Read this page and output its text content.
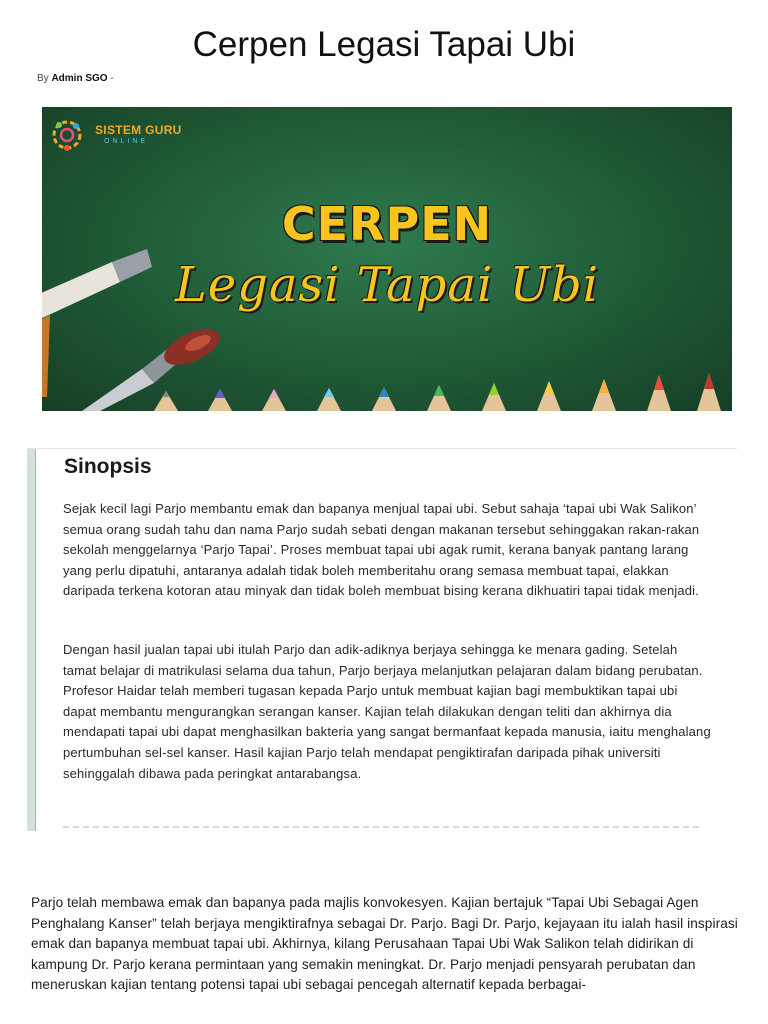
Cerpen Legasi Tapai Ubi
By Admin SGO -
SISTEM GURU
ONLINE
CERPEN
Legasi Tapai Ubi
Sinopsis

Sejak kecil lagi Parjo membantu emak dan bapanya menjual tapai ubi. Sebut sahaja ‘tapai ubi Wak Salikon’ semua orang sudah tahu dan nama Parjo sudah sebati dengan makanan tersebut sehinggakan rakan-rakan sekolah menggelarnya ‘Parjo Tapai’. Proses membuat tapai ubi agak rumit, kerana banyak pantang larang yang perlu dipatuhi, antaranya adalah tidak boleh memberitahu orang semasa membuat tapai, elakkan daripada terkena kotoran atau minyak dan tidak boleh membuat bising kerana dikhuatiri tapai tidak menjadi.

Dengan hasil jualan tapai ubi itulah Parjo dan adik-adiknya berjaya sehingga ke menara gading. Setelah tamat belajar di matrikulasi selama dua tahun, Parjo berjaya melanjutkan pelajaran dalam bidang perubatan. Profesor Haidar telah memberi tugasan kepada Parjo untuk membuat kajian bagi membuktikan tapai ubi dapat membantu mengurangkan serangan kanser. Kajian telah dilakukan dengan teliti dan akhirnya dia mendapati tapai ubi dapat menghasilkan bakteria yang sangat bermanfaat kepada manusia, iaitu menghalang pertumbuhan sel-sel kanser. Hasil kajian Parjo telah mendapat pengiktirafan daripada pihak universiti sehinggalah dibawa pada peringkat antarabangsa.

Parjo telah membawa emak dan bapanya pada majlis konvokesyen. Kajian bertajuk “Tapai Ubi Sebagai Agen Penghalang Kanser” telah berjaya mengiktirafnya sebagai Dr. Parjo. Bagi Dr. Parjo, kejayaan itu ialah hasil inspirasi emak dan bapanya membuat tapai ubi. Akhirnya, kilang Perusahaan Tapai Ubi Wak Salikon telah didirikan di kampung Dr. Parjo kerana permintaan yang semakin meningkat. Dr. Parjo menjadi pensyarah perubatan dan meneruskan kajian tentang potensi tapai ubi sebagai pencegah alternatif kepada berbagai-
